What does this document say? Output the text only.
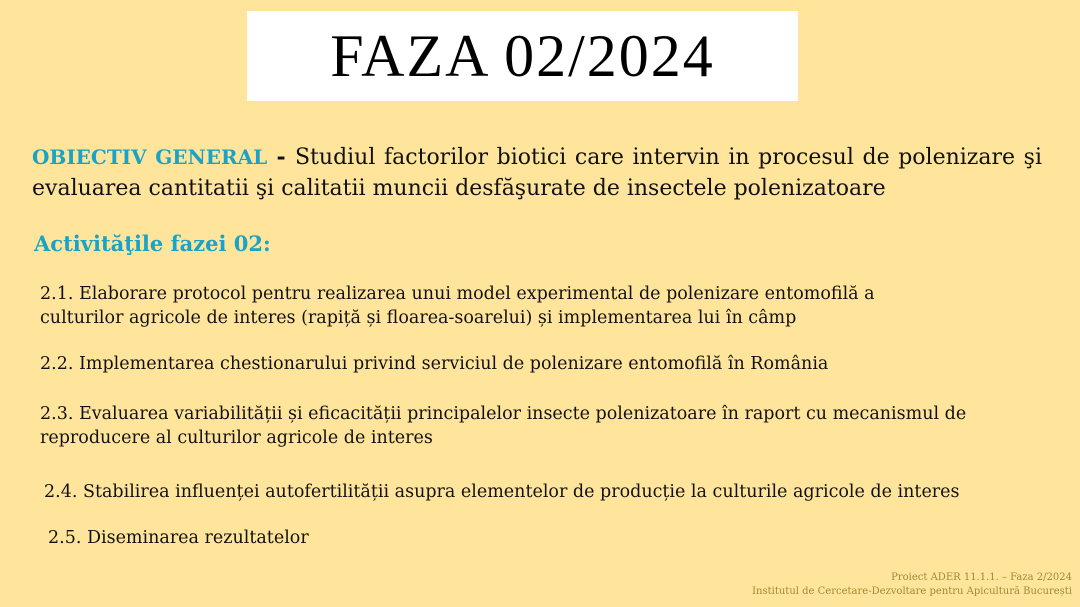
FAZA 02/2024
OBIECTIV GENERAL - Studiul factorilor biotici care intervin in procesul de polenizare şi evaluarea cantitatii şi calitatii muncii desfăşurate de insectele polenizatoare
Activităţile fazei 02:
2.1. Elaborare protocol pentru realizarea unui model experimental de polenizare entomofilă a culturilor agricole de interes (rapiță și floarea-soarelui) și implementarea lui în câmp
2.2. Implementarea chestionarului privind serviciul de polenizare entomofilă în România
2.3. Evaluarea variabilității și eficacității principalelor insecte polenizatoare în raport cu mecanismul de reproducere al culturilor agricole de interes
2.4. Stabilirea influenței autofertilității asupra elementelor de producție la culturile agricole de interes
2.5. Diseminarea rezultatelor
Proiect ADER 11.1.1. – Faza 2/2024
Institutul de Cercetare-Dezvoltare pentru Apicultură București
